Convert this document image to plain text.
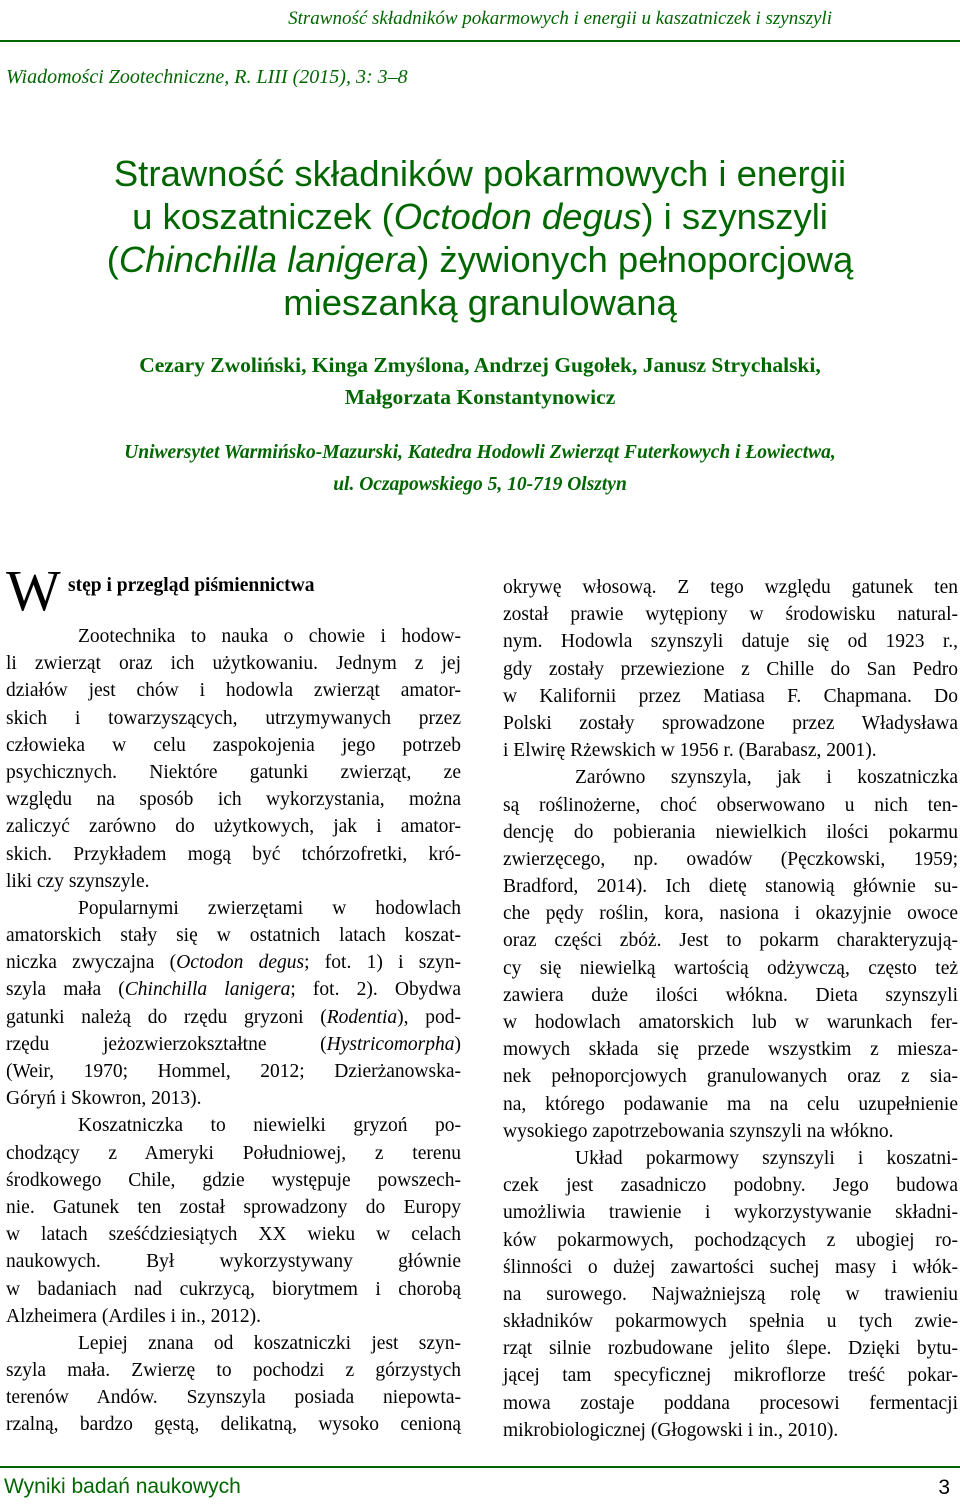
Strawność składników pokarmowych i energii u kaszatniczek i szynszyli
Wiadomości Zootechniczne, R. LIII (2015), 3: 3–8
Strawność składników pokarmowych i energii
u koszatniczek (Octodon degus) i szynszyli
(Chinchilla lanigera) żywionych pełnoporcjową
mieszanką granulowaną
Cezary Zwoliński, Kinga Zmyślona, Andrzej Gugołek, Janusz Strychalski,
Małgorzata Konstantynowicz
Uniwersytet Warmińsko-Mazurski, Katedra Hodowli Zwierząt Futerkowych i Łowiectwa,
ul. Oczapowskiego 5, 10-719 Olsztyn
W stęp i przegląd piśmiennictwa
Zootechnika to nauka o chowie i hodow-
li zwierząt oraz ich użytkowaniu. Jednym z jej
działów jest chów i hodowla zwierząt amator-
skich i towarzyszących, utrzymywanych przez
człowieka w celu zaspokojenia jego potrzeb
psychicznych. Niektóre gatunki zwierząt, ze
względu na sposób ich wykorzystania, można
zaliczyć zarówno do użytkowych, jak i amator-
skich. Przykładem mogą być tchórzofretki, kró-
liki czy szynszyle.
Popularnymi zwierzętami w hodowlach
amatorskich stały się w ostatnich latach koszat-
niczka zwyczajna (Octodon degus; fot. 1) i szyn-
szyla mała (Chinchilla lanigera; fot. 2). Obydwa
gatunki należą do rzędu gryzoni (Rodentia), pod-
rzędu jeżozwierzokształtne (Hystricomorpha)
(Weir, 1970; Hommel, 2012; Dzierżanowska-
Góryń i Skowron, 2013).
Koszatniczka to niewielki gryzoń po-
chodzący z Ameryki Południowej, z terenu
środkowego Chile, gdzie występuje powszech-
nie. Gatunek ten został sprowadzony do Europy
w latach sześćdziesiątych XX wieku w celach
naukowych. Był wykorzystywany głównie
w badaniach nad cukrzycą, biorytmem i chorobą
Alzheimera (Ardiles i in., 2012).
Lepiej znana od koszatniczki jest szyn-
szyla mała. Zwierzę to pochodzi z górzystych
terenów Andów. Szynszyla posiada niepowta-
rzalną, bardzo gęstą, delikatną, wysoko cenioną
okrywę włosową. Z tego względu gatunek ten
został prawie wytępiony w środowisku natural-
nym. Hodowla szynszyli datuje się od 1923 r.,
gdy zostały przewiezione z Chille do San Pedro
w Kalifornii przez Matiasa F. Chapmana. Do
Polski zostały sprowadzone przez Władysława
i Elwirę Rżewskich w 1956 r. (Barabasz, 2001).
Zarówno szynszyla, jak i koszatniczka
są roślinożerne, choć obserwowano u nich ten-
dencję do pobierania niewielkich ilości pokarmu
zwierzęcego, np. owadów (Pęczkowski, 1959;
Bradford, 2014). Ich dietę stanowią głównie su-
che pędy roślin, kora, nasiona i okazyjnie owoce
oraz części zbóż. Jest to pokarm charakteryzują-
cy się niewielką wartością odżywczą, często też
zawiera duże ilości włókna. Dieta szynszyli
w hodowlach amatorskich lub w warunkach fer-
mowych składa się przede wszystkim z miesza-
nek pełnoporcjowych granulowanych oraz z sia-
na, którego podawanie ma na celu uzupełnienie
wysokiego zapotrzebowania szynszyli na włókno.
Układ pokarmowy szynszyli i koszatni-
czek jest zasadniczo podobny. Jego budowa
umożliwia trawienie i wykorzystywanie składni-
ków pokarmowych, pochodzących z ubogiej ro-
ślinności o dużej zawartości suchej masy i włók-
na surowego. Najważniejszą rolę w trawieniu
składników pokarmowych spełnia u tych zwie-
rząt silnie rozbudowane jelito ślepe. Dzięki bytu-
jącej tam specyficznej mikroflorze treść pokar-
mowa zostaje poddana procesowi fermentacji
mikrobiologicznej (Głogowski i in., 2010).
Wyniki badań naukowych	3
